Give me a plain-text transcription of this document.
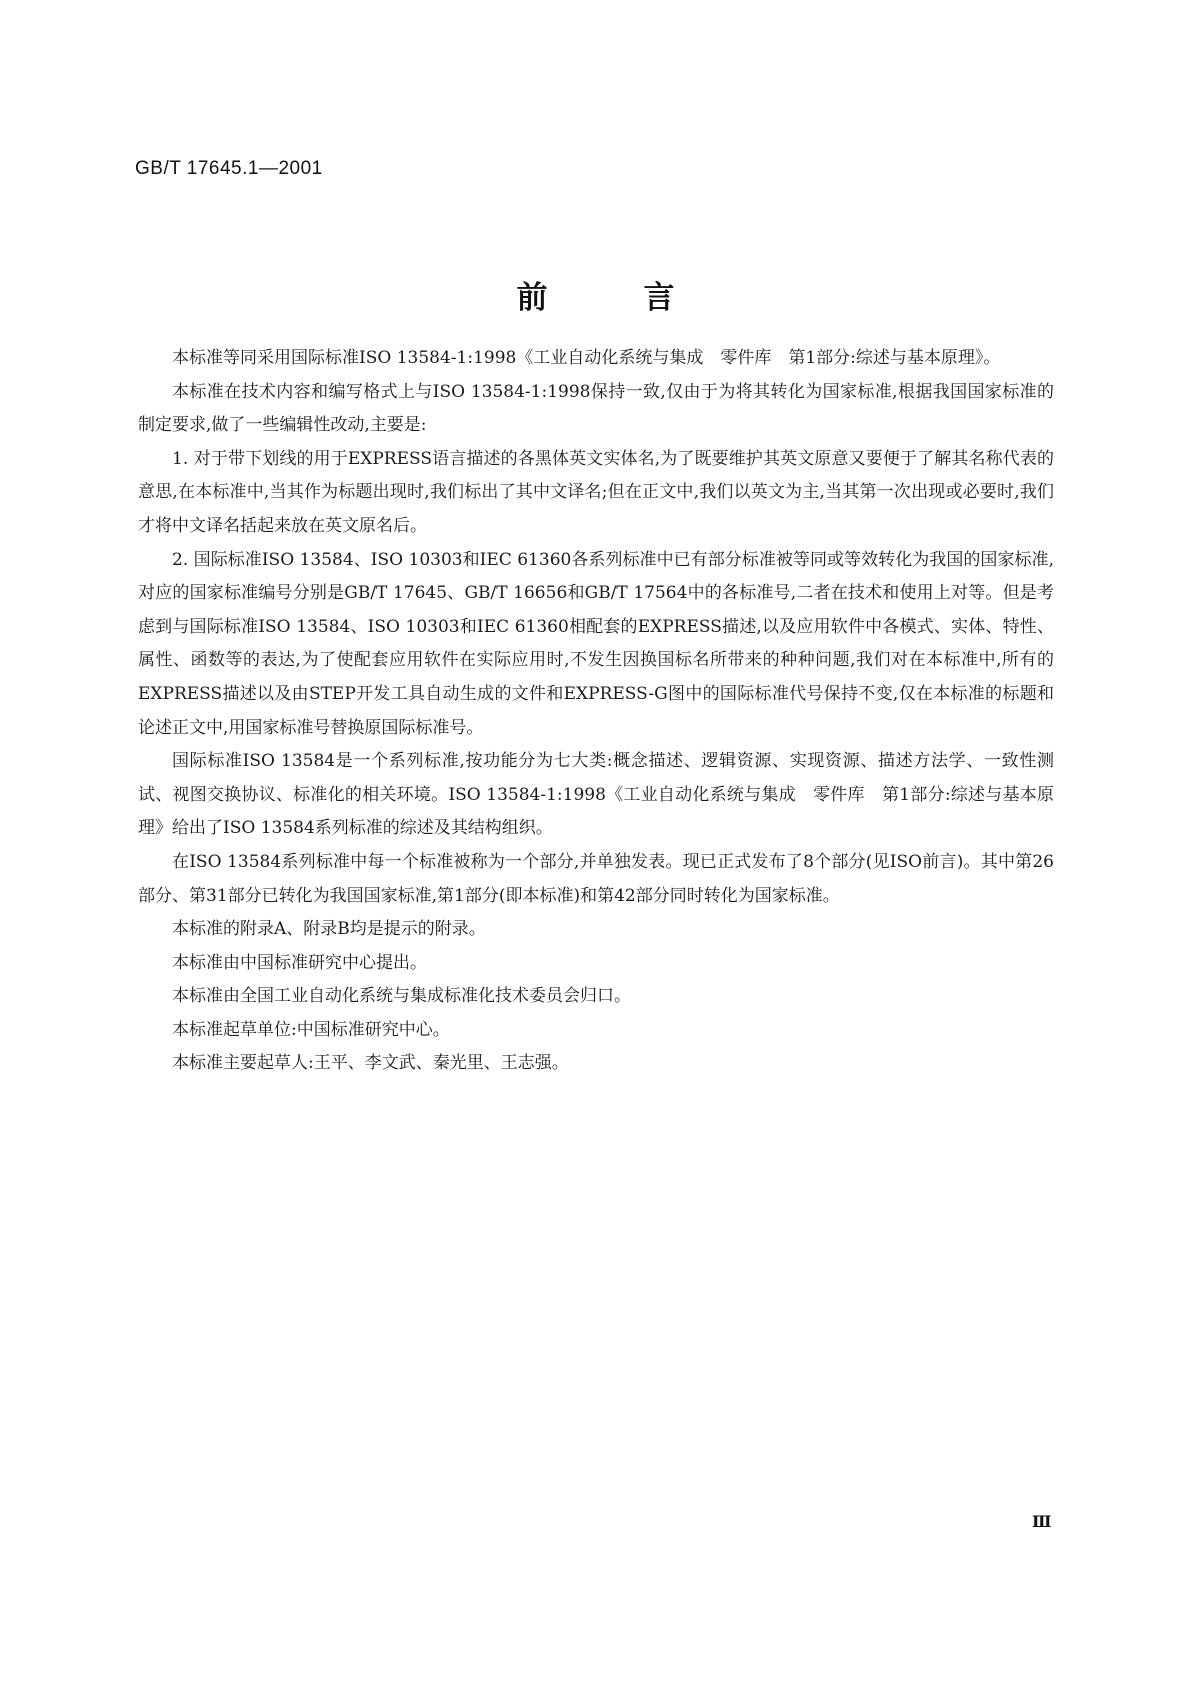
GB/T 17645.1—2001
前	言

本标准等同采用国际标准ISO 13584-1:1998《工业自动化系统与集成　零件库　第1部分:综述与基本原理》。

本标准在技术内容和编写格式上与ISO 13584-1:1998保持一致,仅由于为将其转化为国家标准,根据我国国家标准的制定要求,做了一些编辑性改动,主要是:

1. 对于带下划线的用于EXPRESS语言描述的各黑体英文实体名,为了既要维护其英文原意又要便于了解其名称代表的意思,在本标准中,当其作为标题出现时,我们标出了其中文译名;但在正文中,我们以英文为主,当其第一次出现或必要时,我们才将中文译名括起来放在英文原名后。

2. 国际标准ISO 13584、ISO 10303和IEC 61360各系列标准中已有部分标准被等同或等效转化为我国的国家标准,对应的国家标准编号分别是GB/T 17645、GB/T 16656和GB/T 17564中的各标准号,二者在技术和使用上对等。但是考虑到与国际标准ISO 13584、ISO 10303和IEC 61360相配套的EXPRESS描述,以及应用软件中各模式、实体、特性、属性、函数等的表达,为了使配套应用软件在实际应用时,不发生因换国标名所带来的种种问题,我们对在本标准中,所有的EXPRESS描述以及由STEP开发工具自动生成的文件和EXPRESS-G图中的国际标准代号保持不变,仅在本标准的标题和论述正文中,用国家标准号替换原国际标准号。

国际标准ISO 13584是一个系列标准,按功能分为七大类:概念描述、逻辑资源、实现资源、描述方法学、一致性测试、视图交换协议、标准化的相关环境。ISO 13584-1:1998《工业自动化系统与集成　零件库　第1部分:综述与基本原理》给出了ISO 13584系列标准的综述及其结构组织。

在ISO 13584系列标准中每一个标准被称为一个部分,并单独发表。现已正式发布了8个部分(见ISO前言)。其中第26部分、第31部分已转化为我国国家标准,第1部分(即本标准)和第42部分同时转化为国家标准。

本标准的附录A、附录B均是提示的附录。

本标准由中国标准研究中心提出。

本标准由全国工业自动化系统与集成标准化技术委员会归口。

本标准起草单位:中国标准研究中心。

本标准主要起草人:王平、李文武、秦光里、王志强。

Ⅲ
